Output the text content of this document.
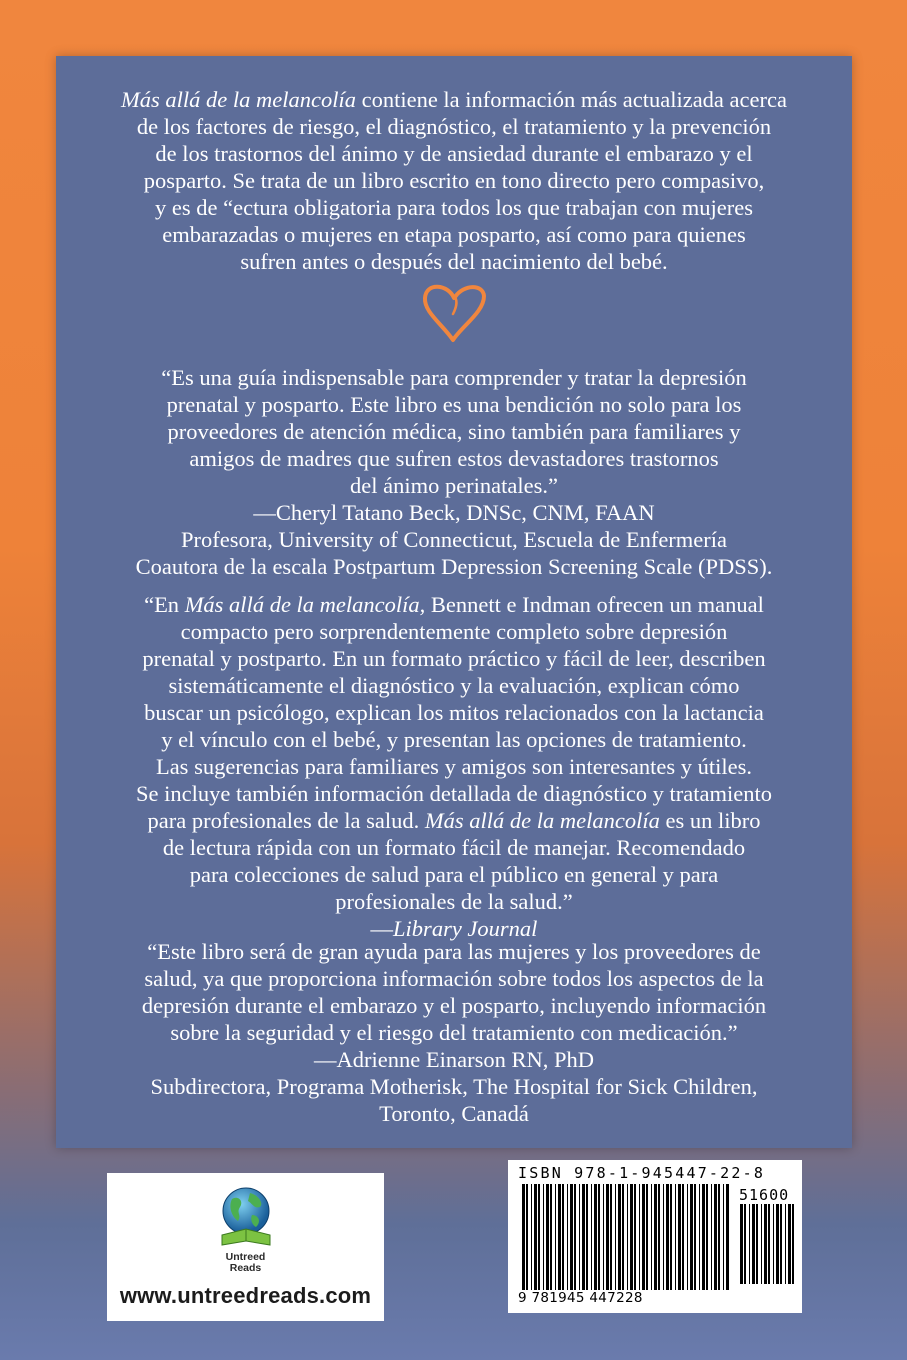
Más allá de la melancolía contiene la información más actualizada acerca

de los factores de riesgo, el diagnóstico, el tratamiento y la prevención

de los trastornos del ánimo y de ansiedad durante el embarazo y el

posparto. Se trata de un libro escrito en tono directo pero compasivo,

y es de “ectura obligatoria para todos los que trabajan con mujeres

embarazadas o mujeres en etapa posparto, así como para quienes

sufren antes o después del nacimiento del bebé.

“Es una guía indispensable para comprender y tratar la depresión

prenatal y posparto. Este libro es una bendición no solo para los

proveedores de atención médica, sino también para familiares y

amigos de madres que sufren estos devastadores trastornos

del ánimo perinatales.”

—Cheryl Tatano Beck, DNSc, CNM, FAAN

Profesora, University of Connecticut, Escuela de Enfermería

Coautora de la escala Postpartum Depression Screening Scale (PDSS).

“En Más allá de la melancolía, Bennett e Indman ofrecen un manual

compacto pero sorprendentemente completo sobre depresión

prenatal y postparto. En un formato práctico y fácil de leer, describen

sistemáticamente el diagnóstico y la evaluación, explican cómo

buscar un psicólogo, explican los mitos relacionados con la lactancia

y el vínculo con el bebé, y presentan las opciones de tratamiento.

Las sugerencias para familiares y amigos son interesantes y útiles.

Se incluye también información detallada de diagnóstico y tratamiento

para profesionales de la salud. Más allá de la melancolía es un libro

de lectura rápida con un formato fácil de manejar. Recomendado

para colecciones de salud para el público en general y para

profesionales de la salud.”

—Library Journal

“Este libro será de gran ayuda para las mujeres y los proveedores de

salud, ya que proporciona información sobre todos los aspectos de la

depresión durante el embarazo y el posparto, incluyendo información

sobre la seguridad y el riesgo del tratamiento con medicación.”

—Adrienne Einarson RN, PhD

Subdirectora, Programa Motherisk, The Hospital for Sick Children,

Toronto, Canadá

Untreed
Reads
www.untreedreads.com
ISBN 978-1-945447-22-8
51600
9 781945 447228
